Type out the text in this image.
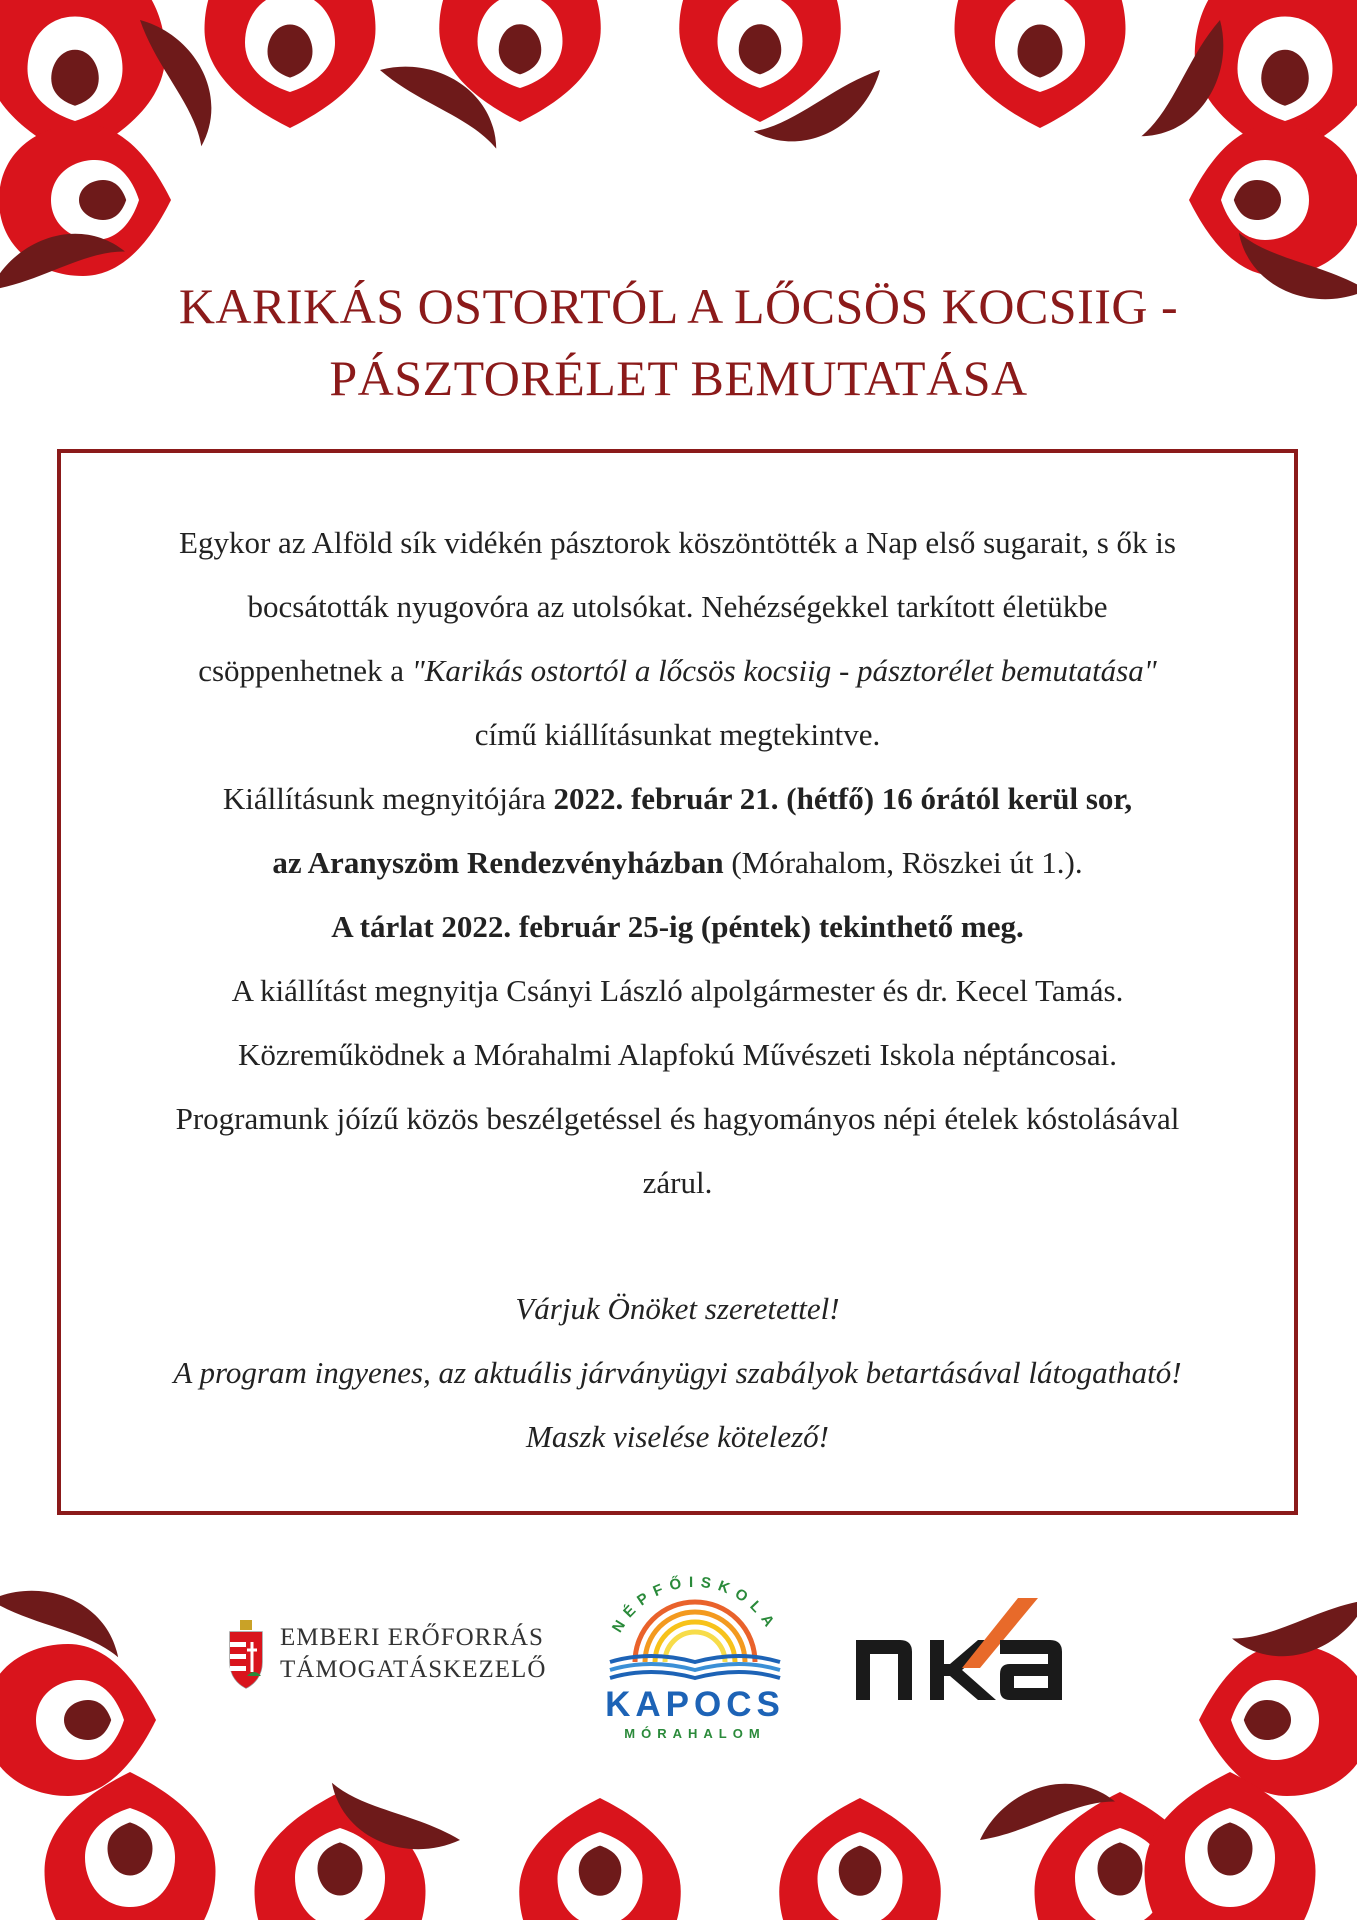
KARIKÁS OSTORTÓL A LŐCSÖS KOCSIIG -
PÁSZTORÉLET BEMUTATÁSA
Egykor az Alföld sík vidékén pásztorok köszöntötték a Nap első sugarait, s ők is
bocsátották nyugovóra az utolsókat. Nehézségekkel tarkított életükbe
csöppenhetnek a "Karikás ostortól a lőcsös kocsiig - pásztorélet bemutatása"
című kiállításunkat megtekintve.
Kiállításunk megnyitójára 2022. február 21. (hétfő) 16 órától kerül sor,
az Aranyszöm Rendezvényházban (Mórahalom, Röszkei út 1.).
A tárlat 2022. február 25-ig (péntek) tekinthető meg.
A kiállítást megnyitja Csányi László alpolgármester és dr. Kecel Tamás.
Közreműködnek a Mórahalmi Alapfokú Művészeti Iskola néptáncosai.
Programunk jóízű közös beszélgetéssel és hagyományos népi ételek kóstolásával
zárul.
Várjuk Önöket szeretettel!
A program ingyenes, az aktuális járványügyi szabályok betartásával látogatható!
Maszk viselése kötelező!
EMBERI ERŐFORRÁS
TÁMOGATÁSKEZELŐ
NÉPFŐISKOLA
KAPOCS
MÓRAHALOM
